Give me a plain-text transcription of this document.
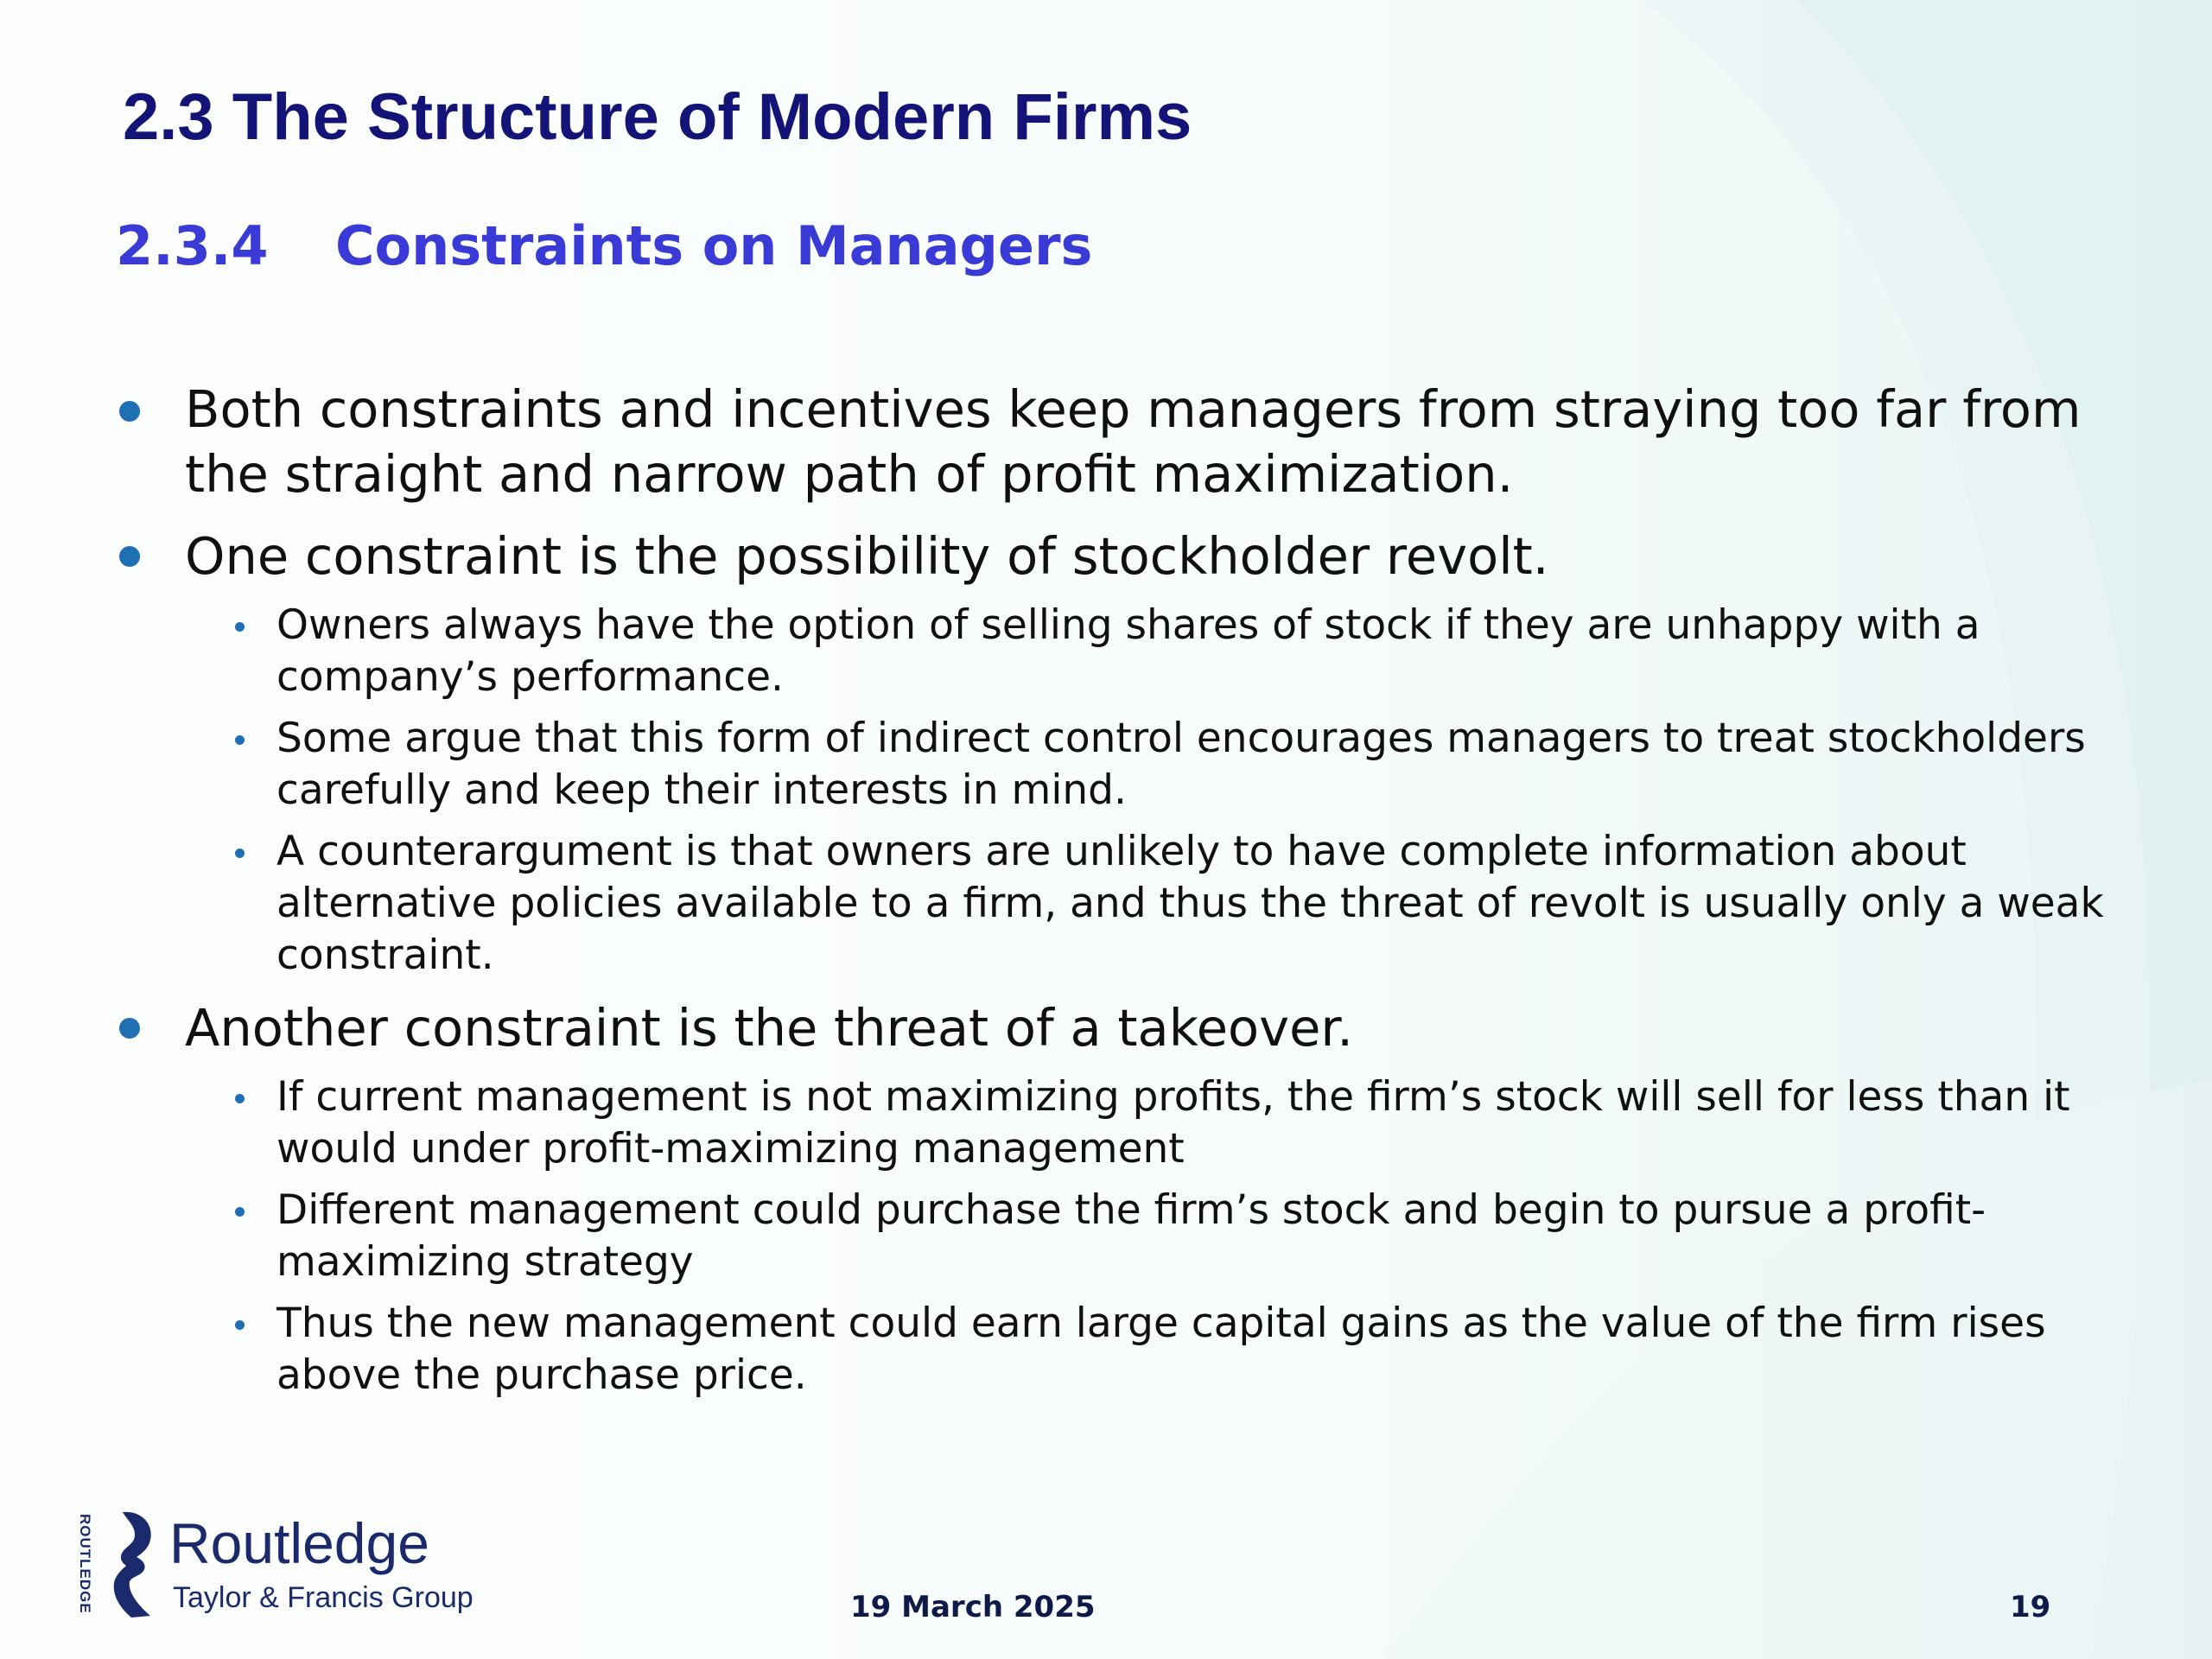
2.3 The Structure of Modern Firms
2.3.4 Constraints on Managers

Both constraints and incentives keep managers from straying too far from the straight and narrow path of profit maximization.

One constraint is the possibility of stockholder revolt.

Owners always have the option of selling shares of stock if they are unhappy with a company’s performance.

Some argue that this form of indirect control encourages managers to treat stockholders carefully and keep their interests in mind.

A counterargument is that owners are unlikely to have complete information about alternative policies available to a firm, and thus the threat of revolt is usually only a weak constraint.

Another constraint is the threat of a takeover.

If current management is not maximizing profits, the firm’s stock will sell for less than it would under profit-maximizing management

Different management could purchase the firm’s stock and begin to pursue a profit-maximizing strategy

Thus the new management could earn large capital gains as the value of the firm rises above the purchase price.

ROUTLEDGE Routledge
Taylor & Francis Group	19 March 2025	19
